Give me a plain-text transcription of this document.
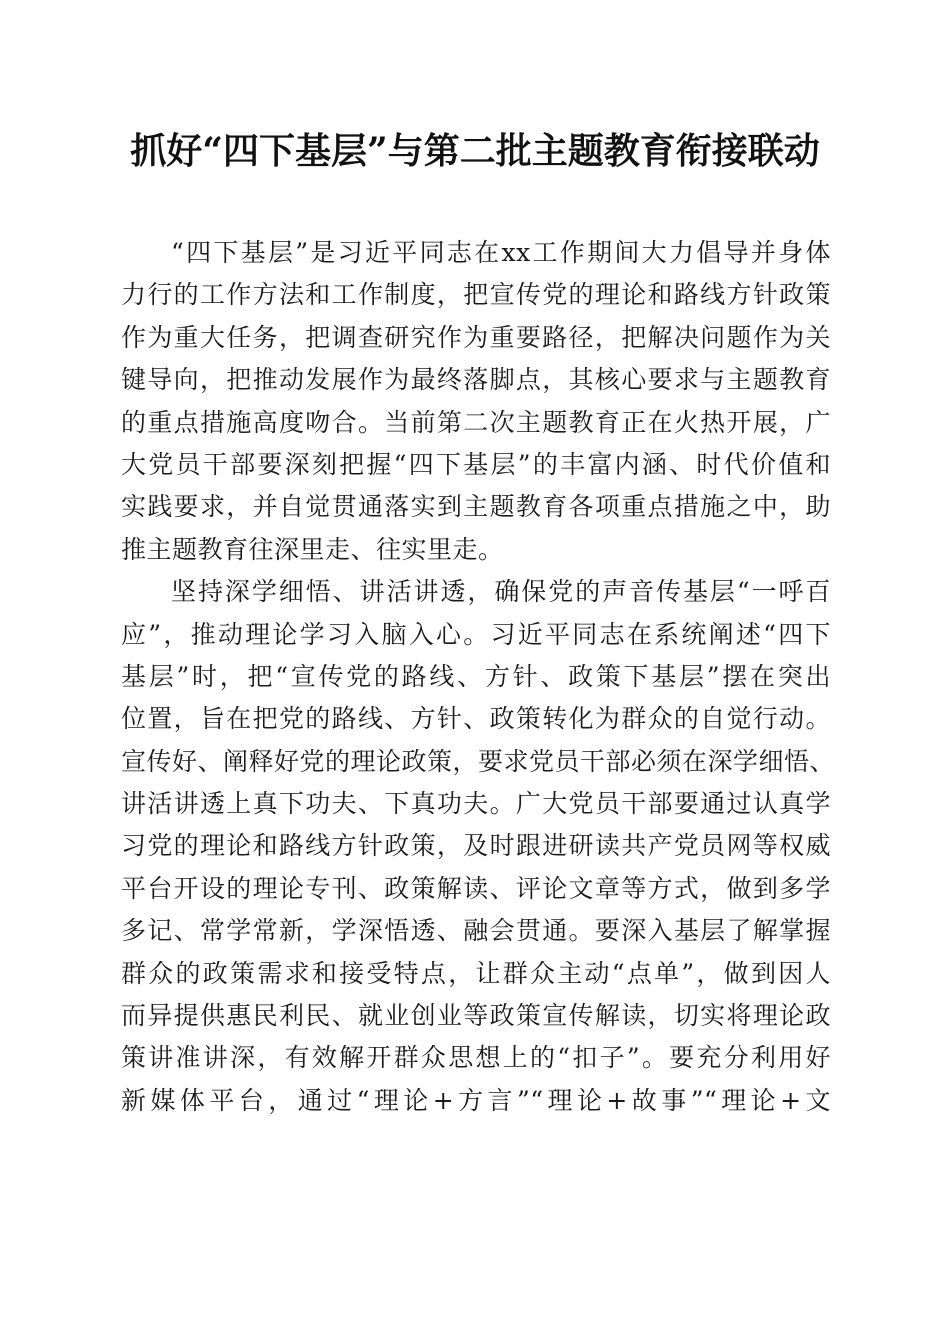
抓好“四下基层”与第二批主题教育衔接联动
“四下基层”是习近平同志在xx工作期间大力倡导并身体
力行的工作方法和工作制度，把宣传党的理论和路线方针政策
作为重大任务，把调查研究作为重要路径，把解决问题作为关
键导向，把推动发展作为最终落脚点，其核心要求与主题教育
的重点措施高度吻合。当前第二次主题教育正在火热开展，广
大党员干部要深刻把握“四下基层”的丰富内涵、时代价值和
实践要求，并自觉贯通落实到主题教育各项重点措施之中，助
推主题教育往深里走、往实里走。
坚持深学细悟、讲活讲透，确保党的声音传基层“一呼百
应”，推动理论学习入脑入心。习近平同志在系统阐述“四下
基层”时，把“宣传党的路线、方针、政策下基层”摆在突出
位置，旨在把党的路线、方针、政策转化为群众的自觉行动。
宣传好、阐释好党的理论政策，要求党员干部必须在深学细悟、
讲活讲透上真下功夫、下真功夫。广大党员干部要通过认真学
习党的理论和路线方针政策，及时跟进研读共产党员网等权威
平台开设的理论专刊、政策解读、评论文章等方式，做到多学
多记、常学常新，学深悟透、融会贯通。要深入基层了解掌握
群众的政策需求和接受特点，让群众主动“点单”，做到因人
而异提供惠民利民、就业创业等政策宣传解读，切实将理论政
策讲准讲深，有效解开群众思想上的“扣子”。要充分利用好
新媒体平台，通过“理论+方言”“理论+故事”“理论+文
